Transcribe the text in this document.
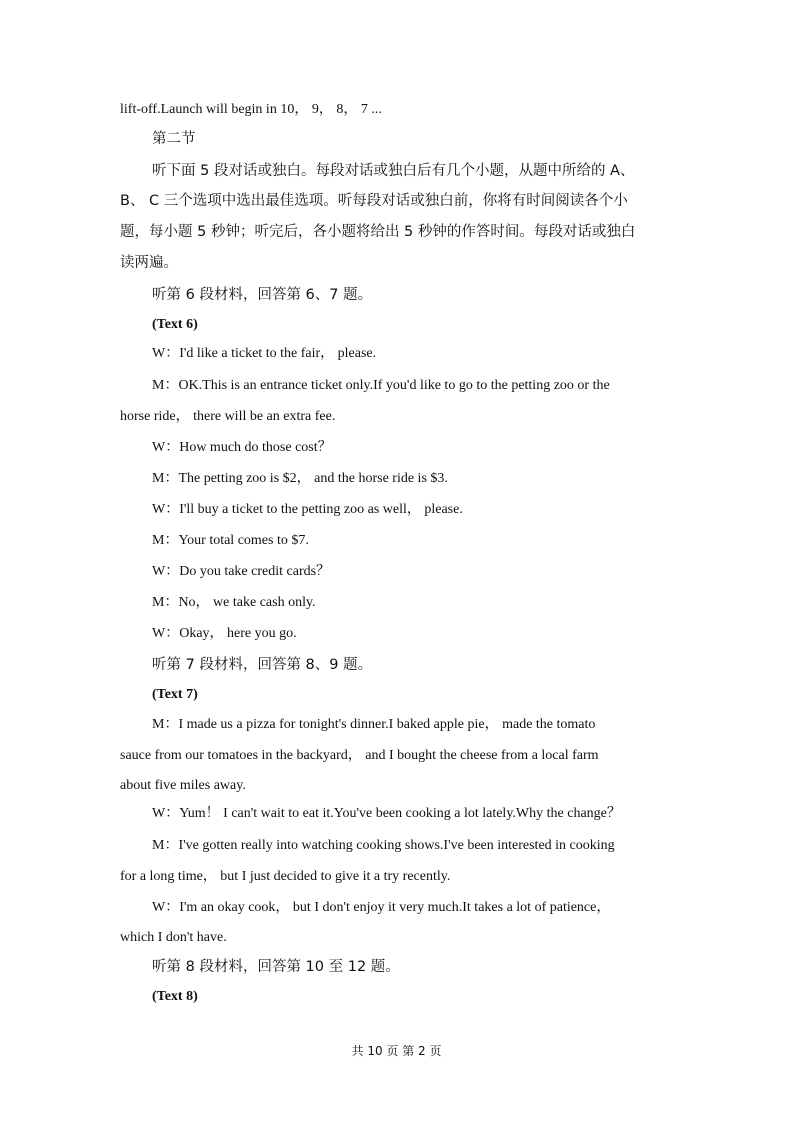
lift-off.Launch will begin in 10， 9， 8， 7 ...
第二节
听下面 5 段对话或独白。每段对话或独白后有几个小题，从题中所给的 A、
B、 C 三个选项中选出最佳选项。听每段对话或独白前，你将有时间阅读各个小
题，每小题 5 秒钟；听完后，各小题将给出 5 秒钟的作答时间。每段对话或独白
读两遍。
听第 6 段材料，回答第 6、7 题。
(Text 6)
W：I'd like a ticket to the fair， please.
M：OK.This is an entrance ticket only.If you'd like to go to the petting zoo or the
horse ride， there will be an extra fee.
W：How much do those cost？
M：The petting zoo is $2， and the horse ride is $3.
W：I'll buy a ticket to the petting zoo as well， please.
M：Your total comes to $7.
W：Do you take credit cards？
M：No， we take cash only.
W：Okay， here you go.
听第 7 段材料，回答第 8、9 题。
(Text 7)
M：I made us a pizza for tonight's dinner.I baked apple pie， made the tomato
sauce from our tomatoes in the backyard， and I bought the cheese from a local farm
about five miles away.
W：Yum！ I can't wait to eat it.You've been cooking a lot lately.Why the change？
M：I've gotten really into watching cooking shows.I've been interested in cooking
for a long time， but I just decided to give it a try recently.
W：I'm an okay cook， but I don't enjoy it very much.It takes a lot of patience，
which I don't have.
听第 8 段材料，回答第 10 至 12 题。
(Text 8)
共 10 页 第 2 页
